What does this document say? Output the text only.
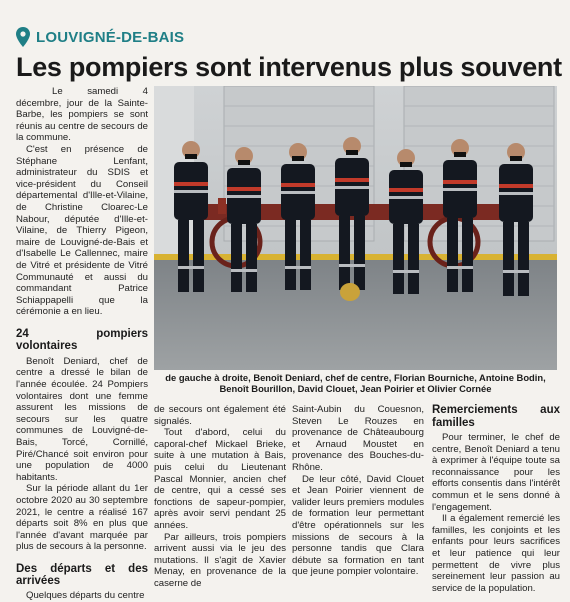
LOUVIGNÉ-DE-BAIS
Les pompiers sont intervenus plus souvent

Le samedi 4 décembre, jour de la Sainte-Barbe, les pompiers se sont réunis au centre de secours de la commune.

C'est en présence de Stéphane Lenfant, administrateur du SDIS et vice-président du Conseil départemental d'Ille-et-Vilaine, de Christine Cloarec-Le Nabour, députée d'Ille-et-Vilaine, de Thierry Pigeon, maire de Louvigné-de-Bais et d'Isabelle Le Callennec, maire de Vitré et présidente de Vitré Communauté et aussi du commandant Patrice Schiappapelli que la cérémonie a en lieu.

24 pompiers volontaires

Benoît Deniard, chef de centre a dressé le bilan de l'année écoulée. 24 Pompiers volontaires dont une femme assurent les missions de secours sur les quatre communes de Louvigné-de-Bais, Torcé, Cornillé, Piré/Chancé soit environ pour une population de 4000 habitants.

Sur la période allant du 1er octobre 2020 au 30 septembre 2021, le centre a réalisé 167 départs soit 8% en plus que l'année d'avant marquée par plus de secours à la personne.

Des départs et des arrivées

Quelques départs du centre

de gauche à droite, Benoît Deniard, chef de centre, Florian Bourniche, Antoine Bodin, Benoît Bourillon, David Clouet, Jean Poirier et Olivier Cornée

de secours ont également été signalés.

Tout d'abord, celui du caporal-chef Mickael Brieke, suite à une mutation à Bais, puis celui du Lieutenant Pascal Monnier, ancien chef de centre, qui a cessé ses fonctions de sapeur-pompier, après avoir servi pendant 25 années.

Par ailleurs, trois pompiers arrivent aussi via le jeu des mutations. Il s'agit de Xavier Menay, en provenance de la caserne de

Saint-Aubin du Couesnon, Steven Le Rouzes en provenance de Châteaubourg et Arnaud Moustet en provenance des Bouches-du-Rhône.

De leur côté, David Clouet et Jean Poirier viennent de valider leurs premiers modules de formation leur permettant d'être opérationnels sur les missions de secours à la personne tandis que Clara débute sa formation en tant que jeune pompier volontaire.

Remerciements aux familles

Pour terminer, le chef de centre, Benoît Deniard a tenu à exprimer à l'équipe toute sa reconnaissance pour les efforts consentis dans l'intérêt commun et le sens donné à l'engagement.

Il a également remercié les familles, les conjoints et les enfants pour leurs sacrifices et leur patience qui leur permettent de vivre plus sereinement leur passion au service de la population.
